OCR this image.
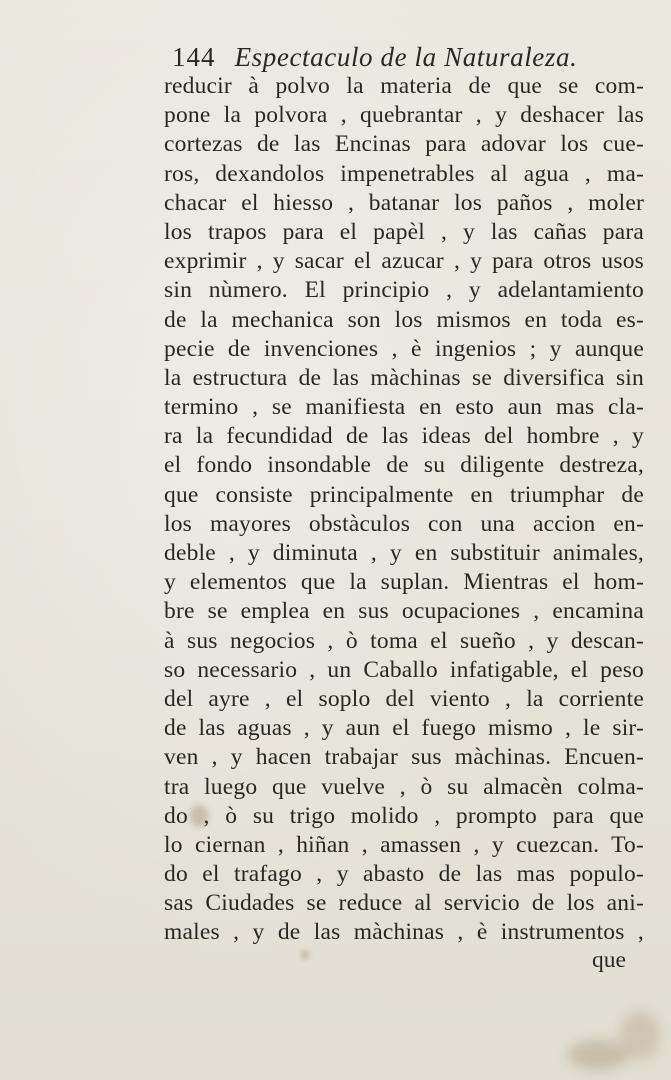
144 Espectaculo de la Naturaleza.
reducir à polvo la materia de que se com-
pone la polvora , quebrantar , y deshacer las
cortezas de las Encinas para adovar los cue-
ros, dexandolos impenetrables al agua , ma-
chacar el hiesso , batanar los paños , moler
los trapos para el papèl , y las cañas para
exprimir , y sacar el azucar , y para otros usos
sin nùmero. El principio , y adelantamiento
de la mechanica son los mismos en toda es-
pecie de invenciones , è ingenios ; y aunque
la estructura de las màchinas se diversifica sin
termino , se manifiesta en esto aun mas cla-
ra la fecundidad de las ideas del hombre , y
el fondo insondable de su diligente destreza,
que consiste principalmente en triumphar de
los mayores obstàculos con una accion en-
deble , y diminuta , y en substituir animales,
y elementos que la suplan. Mientras el hom-
bre se emplea en sus ocupaciones , encamina
à sus negocios , ò toma el sueño , y descan-
so necessario , un Caballo infatigable, el peso
del ayre , el soplo del viento , la corriente
de las aguas , y aun el fuego mismo , le sir-
ven , y hacen trabajar sus màchinas. Encuen-
tra luego que vuelve , ò su almacèn colma-
do , ò su trigo molido , prompto para que
lo ciernan , hiñan , amassen , y cuezcan. To-
do el trafago , y abasto de las mas populo-
sas Ciudades se reduce al servicio de los ani-
males , y de las màchinas , è instrumentos ,
que
